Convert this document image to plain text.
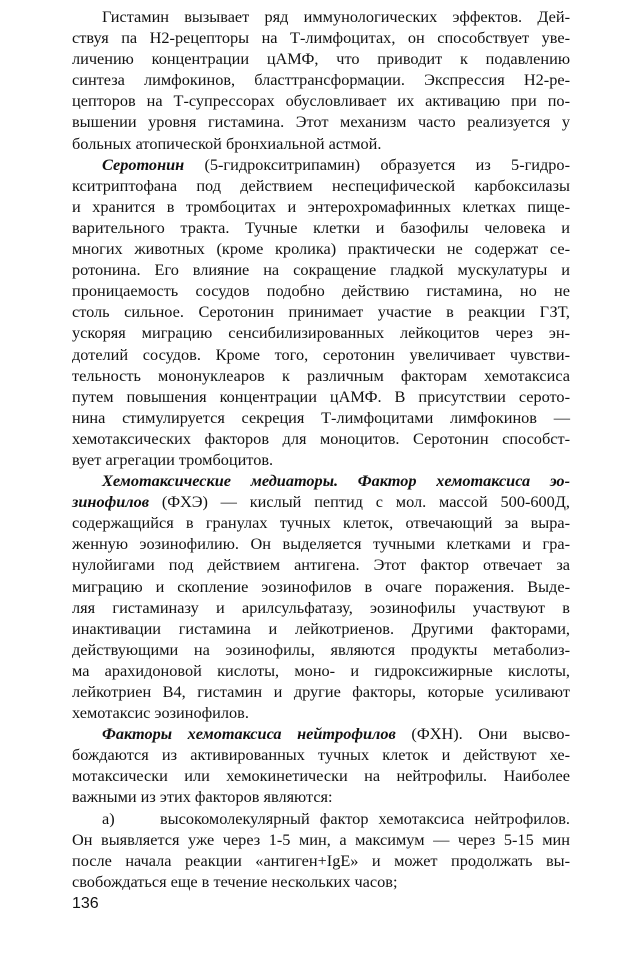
Гистамин вызывает ряд иммунологических эффектов. Дей-
ствуя па Н2-рецепторы на Т-лимфоцитах, он способствует уве-
личению концентрации цАМФ, что приводит к подавлению
синтеза лимфокинов, бласттрансформации. Экспрессия Н2-ре-
цепторов на Т-супрессорах обусловливает их активацию при по-
вышении уровня гистамина. Этот механизм часто реализуется у
больных атопической бронхиальной астмой.
Серотонин (5-гидрокситрипамин) образуется из 5-гидро-
кситриптофана под действием неспецифической карбоксилазы
и хранится в тромбоцитах и энтерохромафинных клетках пище-
варительного тракта. Тучные клетки и базофилы человека и
многих животных (кроме кролика) практически не содержат се-
ротонина. Его влияние на сокращение гладкой мускулатуры и
проницаемость сосудов подобно действию гистамина, но не
столь сильное. Серотонин принимает участие в реакции ГЗТ,
ускоряя миграцию сенсибилизированных лейкоцитов через эн-
дотелий сосудов. Кроме того, серотонин увеличивает чувстви-
тельность мононуклеаров к различным факторам хемотаксиса
путем повышения концентрации цАМФ. В присутствии серото-
нина стимулируется секреция Т-лимфоцитами лимфокинов —
хемотаксических факторов для моноцитов. Серотонин способст-
вует агрегации тромбоцитов.
Хемотаксические медиаторы. Фактор хемотаксиса эо-
зинофилов (ФХЭ) — кислый пептид с мол. массой 500-600Д,
содержащийся в гранулах тучных клеток, отвечающий за выра-
женную эозинофилию. Он выделяется тучными клетками и гра-
нулойигами под действием антигена. Этот фактор отвечает за
миграцию и скопление эозинофилов в очаге поражения. Выде-
ляя гистаминазу и арилсульфатазу, эозинофилы участвуют в
инактивации гистамина и лейкотриенов. Другими факторами,
действующими на эозинофилы, являются продукты метаболиз-
ма арахидоновой кислоты, моно- и гидроксижирные кислоты,
лейкотриен В4, гистамин и другие факторы, которые усиливают
хемотаксис эозинофилов.
Факторы хемотаксиса нейтрофилов (ФХН). Они высво-
бождаются из активированных тучных клеток и действуют хе-
мотаксически или хемокинетически на нейтрофилы. Наиболее
важными из этих факторов являются:
а)	высокомолекулярный фактор хемотаксиса нейтрофилов.
Он выявляется уже через 1-5 мин, а максимум — через 5-15 мин
после начала реакции «антиген+IgE» и может продолжать вы-
свобождаться еще в течение нескольких часов;
136
